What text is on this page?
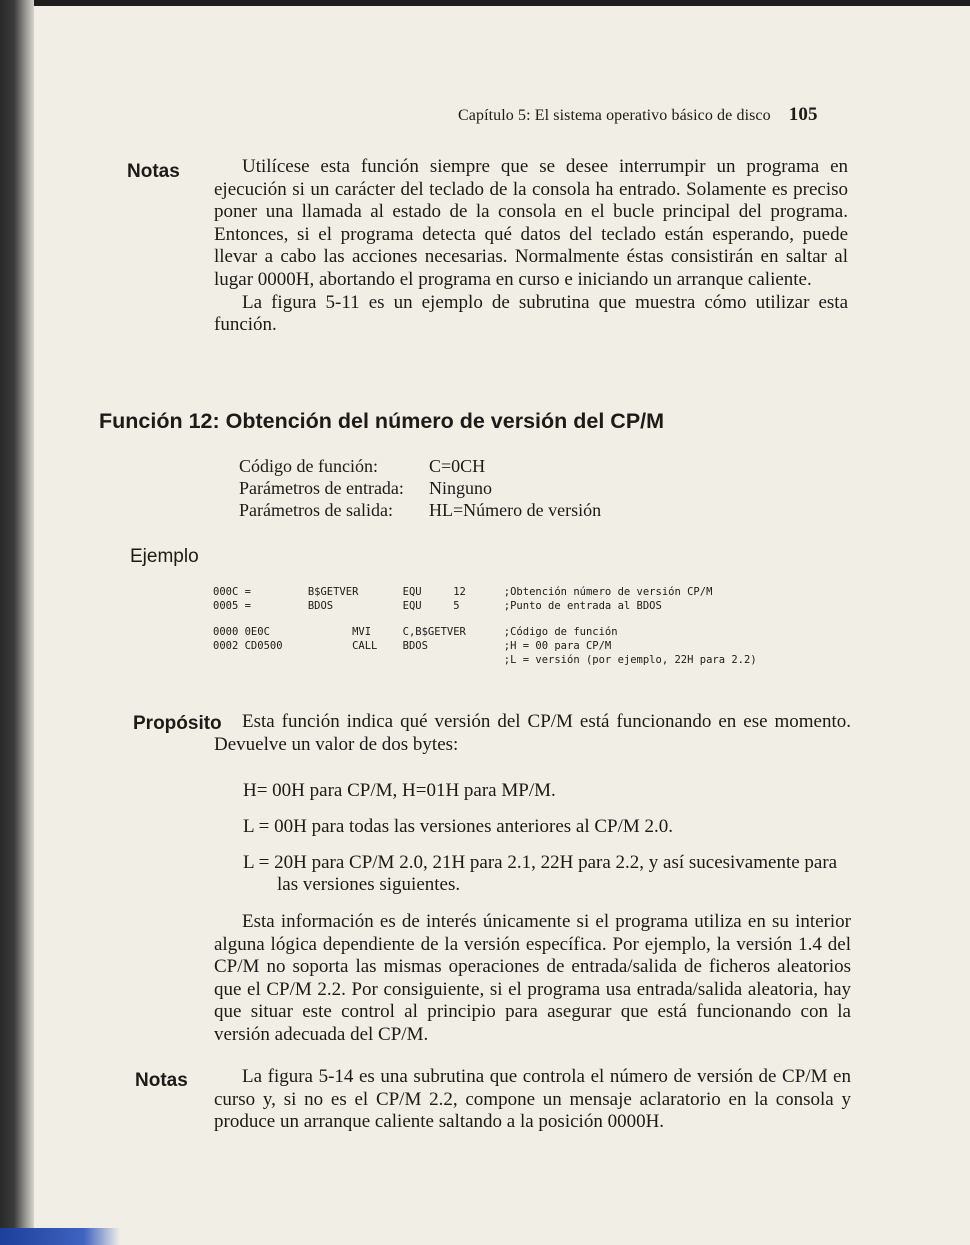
Capítulo 5: El sistema operativo básico de disco 105
Notas	Utilícese esta función siempre que se desee interrumpir un programa en ejecución si un carácter del teclado de la consola ha entrado. Solamente es preciso poner una llamada al estado de la consola en el bucle principal del programa. Entonces, si el programa detecta qué datos del teclado están esperando, puede llevar a cabo las acciones necesarias. Normalmente éstas consistirán en saltar al lugar 0000H, abortando el programa en curso e iniciando un arranque caliente.

La figura 5-11 es un ejemplo de subrutina que muestra cómo utilizar esta función.

Función 12: Obtención del número de versión del CP/M
Código de función:	C=0CH
Parámetros de entrada:	Ninguno
Parámetros de salida:	HL=Número de versión
Ejemplo

000C =         B$GETVER       EQU     12      ;Obtención número de versión CP/M

0005 =         BDOS           EQU     5       ;Punto de entrada al BDOS

0000 0E0C             MVI     C,B$GETVER      ;Código de función

0002 CD0500           CALL    BDOS            ;H = 00 para CP/M

;L = versión (por ejemplo, 22H para 2.2)

Propósito	Esta función indica qué versión del CP/M está funcionando en ese momento. Devuelve un valor de dos bytes:

H= 00H para CP/M, H=01H para MP/M.
L = 00H para todas las versiones anteriores al CP/M 2.0.
L = 20H para CP/M 2.0, 21H para 2.1, 22H para 2.2, y así sucesivamente para las versiones siguientes.

Esta información es de interés únicamente si el programa utiliza en su interior alguna lógica dependiente de la versión específica. Por ejemplo, la versión 1.4 del CP/M no soporta las mismas operaciones de entrada/salida de ficheros aleatorios que el CP/M 2.2. Por consiguiente, si el programa usa entrada/salida aleatoria, hay que situar este control al principio para asegurar que está funcionando con la versión adecuada del CP/M.

Notas	La figura 5-14 es una subrutina que controla el número de versión de CP/M en curso y, si no es el CP/M 2.2, compone un mensaje aclaratorio en la consola y produce un arranque caliente saltando a la posición 0000H.
